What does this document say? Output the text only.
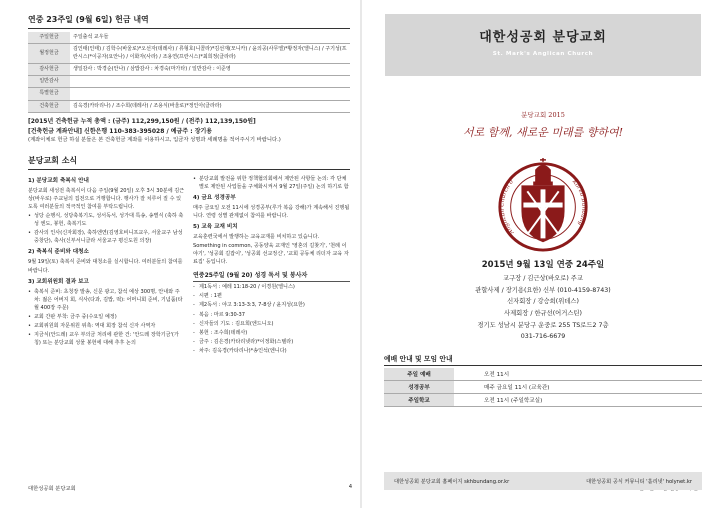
연중 23주일 (9월 6일) 헌금 내역
주일헌금	주일출석 교우들
월정헌금	김인태(인태) / 김학수(바울로)*오선자(데레사) / 류형호(니콜라)*김선재(모니카) / 윤의공(사무엘)*황정자(엘니스) / 구기성(프란시스)*이공자(요안나) / 이화자(사라) / 조용연(프란시스)*최희정(클라라)
감사헌금	생일감사 : 박경순(안나) / 삼밥감사 : 차경숙(마가타) / 일반감사 : 이준영
일반감사	
특별헌금	
건축헌금	김옥경(카타리나) / 조수희(데레사) / 조용식(바울로)*정인아(클라라)
[2015년 건축헌금 누적 총액 : (금주) 112,299,150원 / (전주) 112,139,150원]
[건축헌금 계좌안내] 신한은행 110-383-395028 / 예금주 : 장기용
(계좌이체로 헌금 하실 분들은 본 건축헌금 계좌를 이용하시고, 입금자 성명과 세례명을 적어주시기 바랍니다.)
분당교회 소식
1) 분당교회 축복식 안내

분당교회 새성전 축복식이 다음 주일(9월 20일) 오후 3시 30분에 김근상(바우로) 주교님의 집전으로 거행합니다. 행사가 잘 치루어 질 수 있도록 여러분들의 적극적인 참여를 부탁드립니다.

• 성당 순행식, 성당축복기도, 성서독서, 성가대 특송, 송별식 (축하 축성 엔도, 봉헌, 축복기도
• 감사의 인사(신자회장), 축하엔연(김영호비니프교우, 서울교구 남성중창단), 축사(신부서니클라 서울교구 평신도원 의장)
2) 축복식 준비와 대청소

9월 19일(토) 축복식 준비와 대청소를 실시합니다. 여러분들의 참여를 바랍니다.

3) 교회위원회 결과 보고
• 축복식 준비: 초청장 발송, 신문 광고, 참석 예상 300명, 안내와 주차: 젊은 어버지 회, 식사(다과, 김밥, 떡): 어머니회 준비, 기념품(타월 400장 주문)
• 교회 간판 부착: 금주 중(수요일 예정)
• 교회위원회 자문위원 위촉: 역대 회장 참석 신자 사역자
• 지금식(안드레) 교우 부의금 처리에 관한 건: '안드레 장학기금'(가칭) 또는 분당교회 성물 봉헌에 대해 추후 논의
• 분당교회 발전을 위한 정책협의회에서 제안된 사항들 논의: 각 단체별로 제안된 사업들을 구체화시켜서 9월 27일(주일) 논의 하기로 함
4) 금요 성경공부

매주 금요일 오전 11시에 성경공부(루가 복음 강해)가 계속해서 진행됩니다. 연령 성별 관계없이 참여를 바랍니다.

5) 교육 교재 비치

교육훈련국에서 발행하는 교육교재를 비치하고 있습니다.

Something in common, 공동양육 교재인 '영혼의 길찾기', '천례 이야기', '성공회 길잡이', '성공회 선교정신', '교회 공동체 리더자 교육 자료집' 등입니다.

연중25주일 (9월 20) 성경 독서 및 봉사자
- 제1독서 : 예레 11:18-20 / 이경원(엘니스)
- 시편 : 1편
- 제2독서 : 야고 3:13-3:3, 7-8상 / 윤지성(요한)
- 복음 : 마르 9:30-37
- 신자들의 기도 : 김요희(엔드니오)
- 봉헌 : 조수희(데레사)
- 금주 : 김은경(카타리넷라)*이정화(스텔라)
- 차주: 김옥경(카타리나)*송인석(엔니다)
대한성공회 분당교회	4
대한성공회 분당교회
St. Mark's Anglican Church
분당교회 2015
서로 함께, 새로운 미래를 향하여!
Anglican Church o	Korea Bundang
2015년 9월 13일 연중 24주일
교구장 / 김근상(바오로) 주교
관할사제 / 장기용(요한) 신부 (010-4159-8743)
신자회장 / 강승희(위데스)
사제회장 / 한규선(어거스틴)
경기도 성남시 분당구 운중로 255 TS로드2 7층
031-716-6679
예배 안내 및 모임 안내
주일 예배	오전 11시
성경공부	매주 금요일 11시 (교육관)
주일학교	오전 11시 (주일학교실)
대한성공회 분당교회 홈페이지 skhbundang.or.kr	대한성공회 공식 커뮤니티 '홀리넷' holynet.kr
